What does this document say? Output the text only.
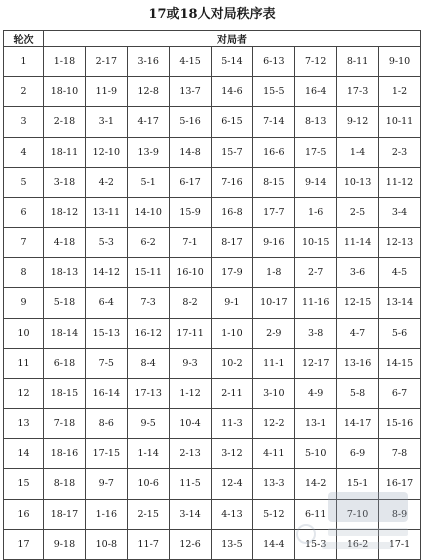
17或18人对局秩序表
轮次	对局者								
1	1-18	2-17	3-16	4-15	5-14	6-13	7-12	8-11	9-10
2	18-10	11-9	12-8	13-7	14-6	15-5	16-4	17-3	1-2
3	2-18	3-1	4-17	5-16	6-15	7-14	8-13	9-12	10-11
4	18-11	12-10	13-9	14-8	15-7	16-6	17-5	1-4	2-3
5	3-18	4-2	5-1	6-17	7-16	8-15	9-14	10-13	11-12
6	18-12	13-11	14-10	15-9	16-8	17-7	1-6	2-5	3-4
7	4-18	5-3	6-2	7-1	8-17	9-16	10-15	11-14	12-13
8	18-13	14-12	15-11	16-10	17-9	1-8	2-7	3-6	4-5
9	5-18	6-4	7-3	8-2	9-1	10-17	11-16	12-15	13-14
10	18-14	15-13	16-12	17-11	1-10	2-9	3-8	4-7	5-6
11	6-18	7-5	8-4	9-3	10-2	11-1	12-17	13-16	14-15
12	18-15	16-14	17-13	1-12	2-11	3-10	4-9	5-8	6-7
13	7-18	8-6	9-5	10-4	11-3	12-2	13-1	14-17	15-16
14	18-16	17-15	1-14	2-13	3-12	4-11	5-10	6-9	7-8
15	8-18	9-7	10-6	11-5	12-4	13-3	14-2	15-1	16-17
16	18-17	1-16	2-15	3-14	4-13	5-12	6-11	7-10	8-9
17	9-18	10-8	11-7	12-6	13-5	14-4	15-3	16-2	17-1
